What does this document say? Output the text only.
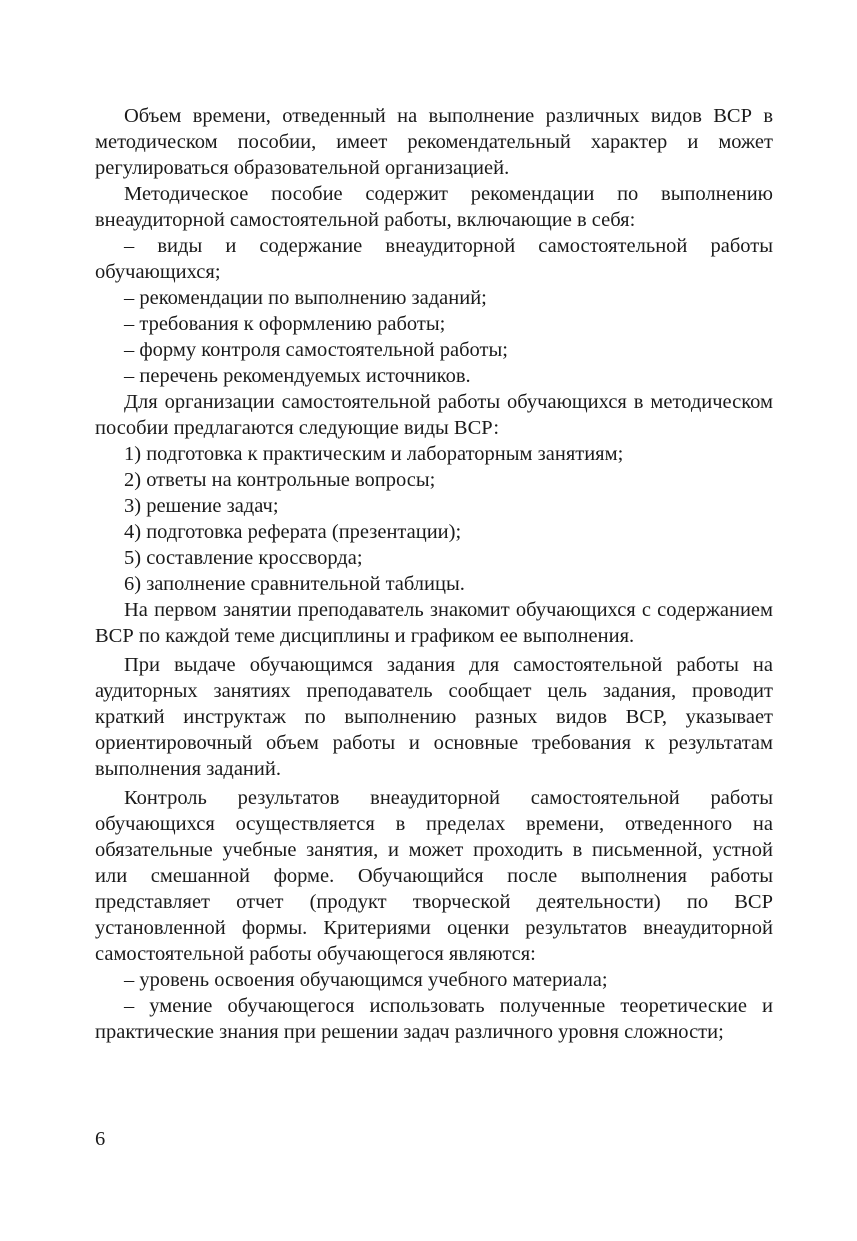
Объем времени, отведенный на выполнение различных видов ВСР в методическом пособии, имеет рекомендательный характер и может регулироваться образовательной организацией.

Методическое пособие содержит рекомендации по выполнению внеаудиторной самостоятельной работы, включающие в себя:

– виды и содержание внеаудиторной самостоятельной работы обучающихся;

– рекомендации по выполнению заданий;

– требования к оформлению работы;

– форму контроля самостоятельной работы;

– перечень рекомендуемых источников.

Для организации самостоятельной работы обучающихся в методическом пособии предлагаются следующие виды ВСР:

1) подготовка к практическим и лабораторным занятиям;

2) ответы на контрольные вопросы;

3) решение задач;

4) подготовка реферата (презентации);

5) составление кроссворда;

6) заполнение сравнительной таблицы.

На первом занятии преподаватель знакомит обучающихся с содержанием ВСР по каждой теме дисциплины и графиком ее выполнения.

При выдаче обучающимся задания для самостоятельной работы на аудиторных занятиях преподаватель сообщает цель задания, проводит краткий инструктаж по выполнению разных видов ВСР, указывает ориентировочный объем работы и основные требования к результатам выполнения заданий.

Контроль результатов внеаудиторной самостоятельной работы обучающихся осуществляется в пределах времени, отведенного на обязательные учебные занятия, и может проходить в письменной, устной или смешанной форме. Обучающийся после выполнения работы представляет отчет (продукт творческой деятельности) по ВСР установленной формы. Критериями оценки результатов внеаудиторной самостоятельной работы обучающегося являются:

– уровень освоения обучающимся учебного материала;

– умение обучающегося использовать полученные теоретические и практические знания при решении задач различного уровня сложности;

6
